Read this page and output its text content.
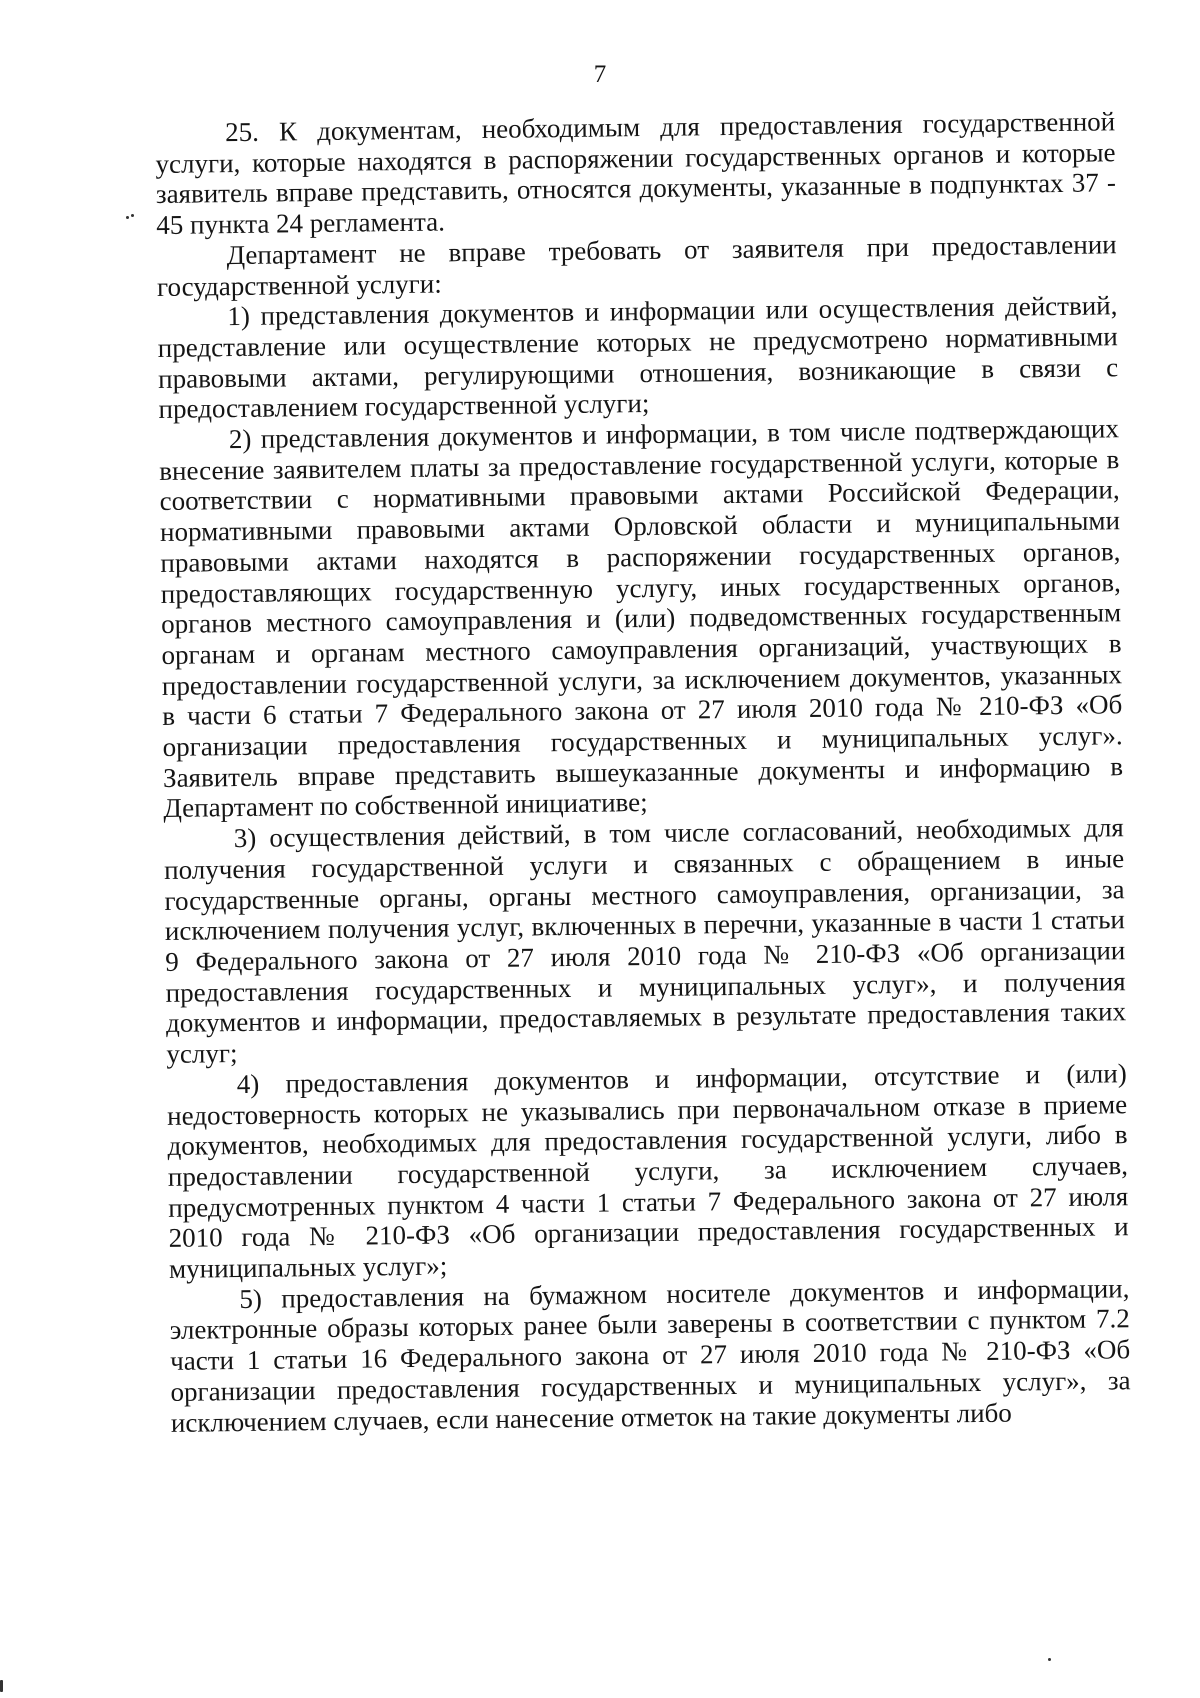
7

25. К документам, необходимым для предоставления государственной услуги, которые находятся в распоряжении государственных органов и которые заявитель вправе представить, относятся документы, указанные в подпунктах 37 - 45 пункта 24 регламента.

Департамент не вправе требовать от заявителя при предоставлении государственной услуги:

1) представления документов и информации или осуществления действий, представление или осуществление которых не предусмотрено нормативными правовыми актами, регулирующими отношения, возникающие в связи с предоставлением государственной услуги;

2) представления документов и информации, в том числе подтверждающих внесение заявителем платы за предоставление государственной услуги, которые в соответствии с нормативными правовыми актами Российской Федерации, нормативными правовыми актами Орловской области и муниципальными правовыми актами находятся в распоряжении государственных органов, предоставляющих государственную услугу, иных государственных органов, органов местного самоуправления и (или) подведомственных государственным органам и органам местного самоуправления организаций, участвующих в предоставлении государственной услуги, за исключением документов, указанных в части 6 статьи 7 Федерального закона от 27 июля 2010 года № 210-ФЗ «Об организации предоставления государственных и муниципальных услуг». Заявитель вправе представить вышеуказанные документы и информацию в Департамент по собственной инициативе;

3) осуществления действий, в том числе согласований, необходимых для получения государственной услуги и связанных с обращением в иные государственные органы, органы местного самоуправления, организации, за исключением получения услуг, включенных в перечни, указанные в части 1 статьи 9 Федерального закона от 27 июля 2010 года № 210-ФЗ «Об организации предоставления государственных и муниципальных услуг», и получения документов и информации, предоставляемых в результате предоставления таких услуг;

4) предоставления документов и информации, отсутствие и (или) недостоверность которых не указывались при первоначальном отказе в приеме документов, необходимых для предоставления государственной услуги, либо в предоставлении государственной услуги, за исключением случаев, предусмотренных пунктом 4 части 1 статьи 7 Федерального закона от 27 июля 2010 года № 210-ФЗ «Об организации предоставления государственных и муниципальных услуг»;

5) предоставления на бумажном носителе документов и информации, электронные образы которых ранее были заверены в соответствии с пунктом 7.2 части 1 статьи 16 Федерального закона от 27 июля 2010 года № 210-ФЗ «Об организации предоставления государственных и муниципальных услуг», за исключением случаев, если нанесение отметок на такие документы либо
